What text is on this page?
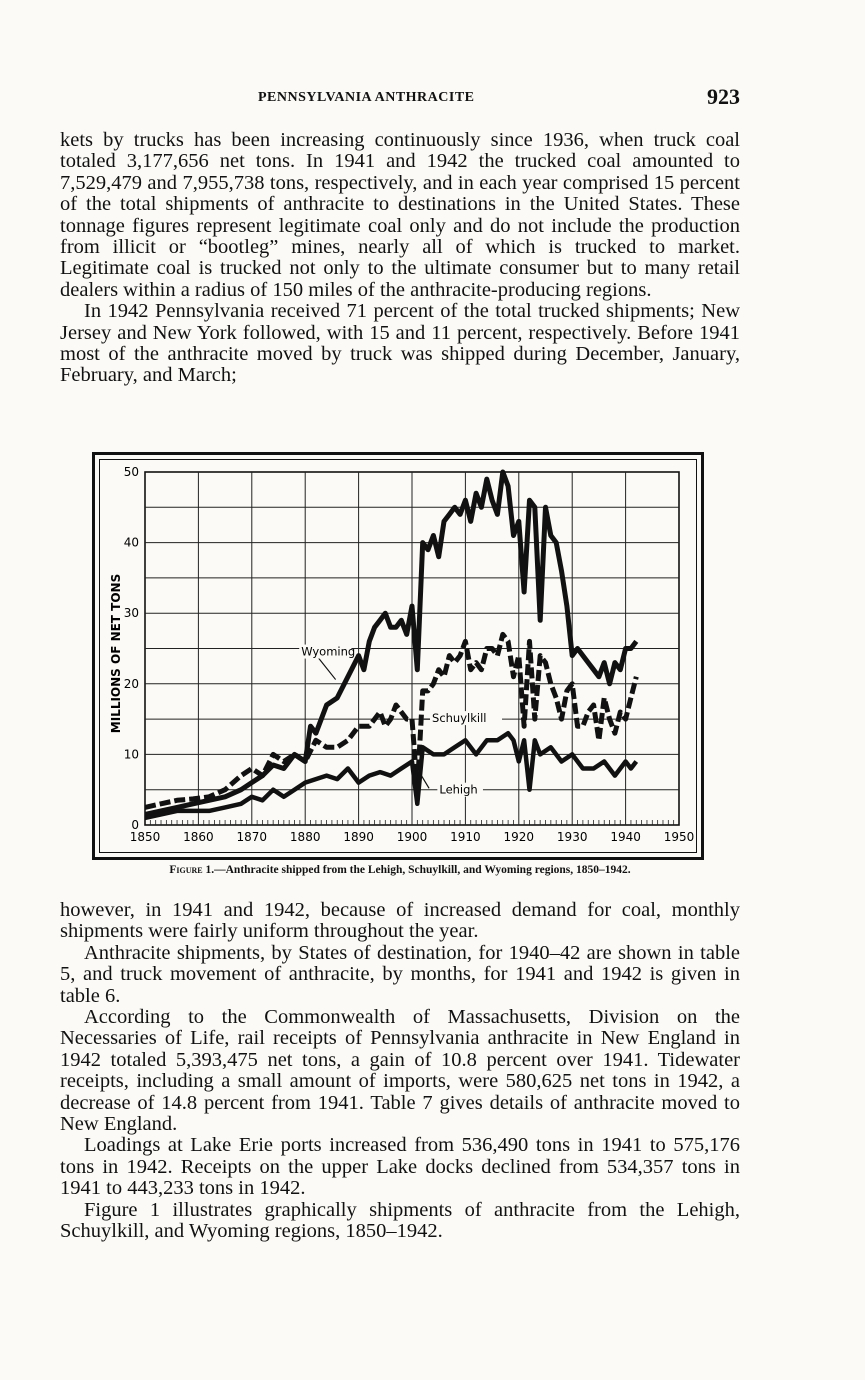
PENNSYLVANIA ANTHRACITE	923

kets by trucks has been increasing continuously since 1936, when truck coal totaled 3,177,656 net tons. In 1941 and 1942 the trucked coal amounted to 7,529,479 and 7,955,738 tons, respectively, and in each year comprised 15 percent of the total shipments of anthracite to destinations in the United States. These tonnage figures represent legitimate coal only and do not include the production from illicit or “bootleg” mines, nearly all of which is trucked to market. Legitimate coal is trucked not only to the ultimate consumer but to many retail dealers within a radius of 150 miles of the anthracite-producing regions.

In 1942 Pennsylvania received 71 percent of the total trucked shipments; New Jersey and New York followed, with 15 and 11 percent, respectively. Before 1941 most of the anthracite moved by truck was shipped during December, January, February, and March;

1850 1860 1870 1880 1890 1900 1910 1920 1930 1940 1950
0
10
20
30
40
50
MILLIONS OF NET TONS	Wyoming
Schuylkill
Lehigh
Figure 1.—Anthracite shipped from the Lehigh, Schuylkill, and Wyoming regions, 1850–1942.

however, in 1941 and 1942, because of increased demand for coal, monthly shipments were fairly uniform throughout the year.

Anthracite shipments, by States of destination, for 1940–42 are shown in table 5, and truck movement of anthracite, by months, for 1941 and 1942 is given in table 6.

According to the Commonwealth of Massachusetts, Division on the Necessaries of Life, rail receipts of Pennsylvania anthracite in New England in 1942 totaled 5,393,475 net tons, a gain of 10.8 percent over 1941. Tidewater receipts, including a small amount of imports, were 580,625 net tons in 1942, a decrease of 14.8 percent from 1941. Table 7 gives details of anthracite moved to New England.

Loadings at Lake Erie ports increased from 536,490 tons in 1941 to 575,176 tons in 1942. Receipts on the upper Lake docks declined from 534,357 tons in 1941 to 443,233 tons in 1942.

Figure 1 illustrates graphically shipments of anthracite from the Lehigh, Schuylkill, and Wyoming regions, 1850–1942.
